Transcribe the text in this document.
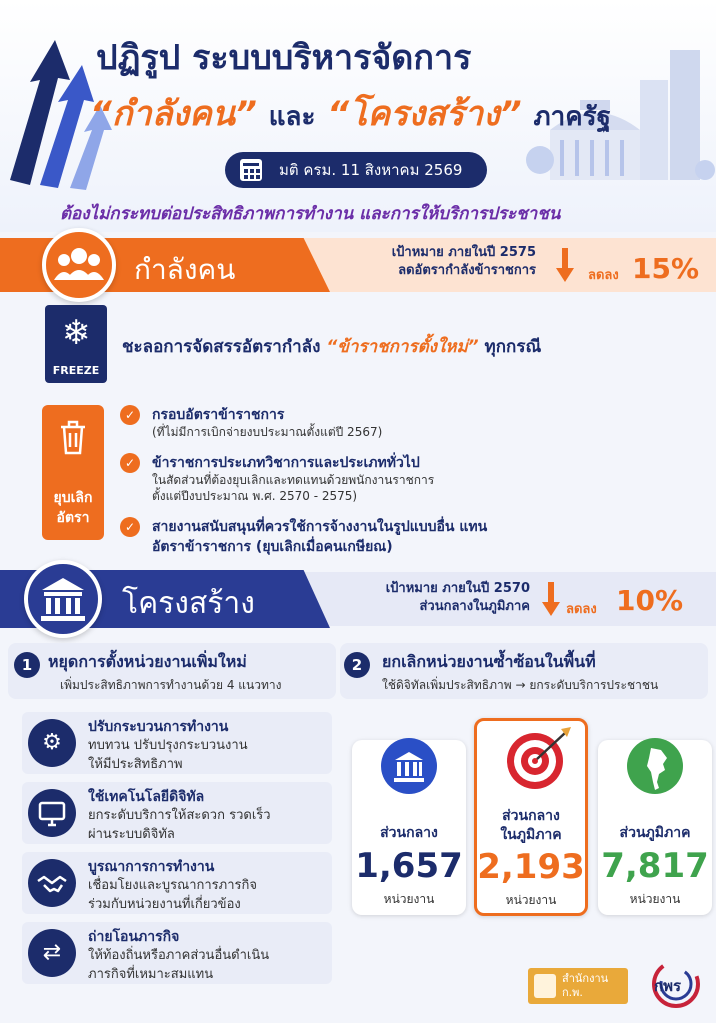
ปฏิรูป ระบบบริหารจัดการ
“กำลังคน” และ “โครงสร้าง” ภาครัฐ
มติ ครม. 11 สิงหาคม 2569
ต้องไม่กระทบต่อประสิทธิภาพการทำงาน และการให้บริการประชาชน
กำลังคน
เป้าหมาย ภายในปี 2575
ลดอัตรากำลังข้าราชการ	ลดลง 15%
❄
FREEZE
ชะลอการจัดสรรอัตรากำลัง “ข้าราชการตั้งใหม่” ทุกกรณี
ยุบเลิก
อัตรา
✓	กรอบอัตราข้าราชการ
(ที่ไม่มีการเบิกจ่ายงบประมาณตั้งแต่ปี 2567)
✓	ข้าราชการประเภทวิชาการและประเภททั่วไป
ในสัดส่วนที่ต้องยุบเลิกและทดแทนด้วยพนักงานราชการ
ตั้งแต่ปีงบประมาณ พ.ศ. 2570 - 2575)
✓	สายงานสนับสนุนที่ควรใช้การจ้างงานในรูปแบบอื่น แทน
อัตราข้าราชการ (ยุบเลิกเมื่อคนเกษียณ)
โครงสร้าง	เป้าหมาย ภายในปี 2570
ส่วนกลางในภูมิภาค	ลดลง 10%
1 หยุดการตั้งหน่วยงานเพิ่มใหม่
เพิ่มประสิทธิภาพการทำงานด้วย 4 แนวทาง
2	ยกเลิกหน่วยงานซ้ำซ้อนในพื้นที่
ใช้ดิจิทัลเพิ่มประสิทธิภาพ → ยกระดับบริการประชาชน
⚙
ปรับกระบวนการทำงาน
ทบทวน ปรับปรุงกระบวนงาน
ให้มีประสิทธิภาพ
ใช้เทคโนโลยีดิจิทัล
ยกระดับบริการให้สะดวก รวดเร็ว
ผ่านระบบดิจิทัล
บูรณาการการทำงาน
เชื่อมโยงและบูรณาการภารกิจ
ร่วมกับหน่วยงานที่เกี่ยวข้อง
⇄
ถ่ายโอนภารกิจ
ให้ท้องถิ่นหรือภาคส่วนอื่นดำเนิน
ภารกิจที่เหมาะสมแทน
ส่วนกลาง
1,657
หน่วยงาน
ส่วนกลาง
ในภูมิภาค
2,193
หน่วยงาน
ส่วนภูมิภาค
7,817
หน่วยงาน
สำนักงาน ก.พ.	กพร
